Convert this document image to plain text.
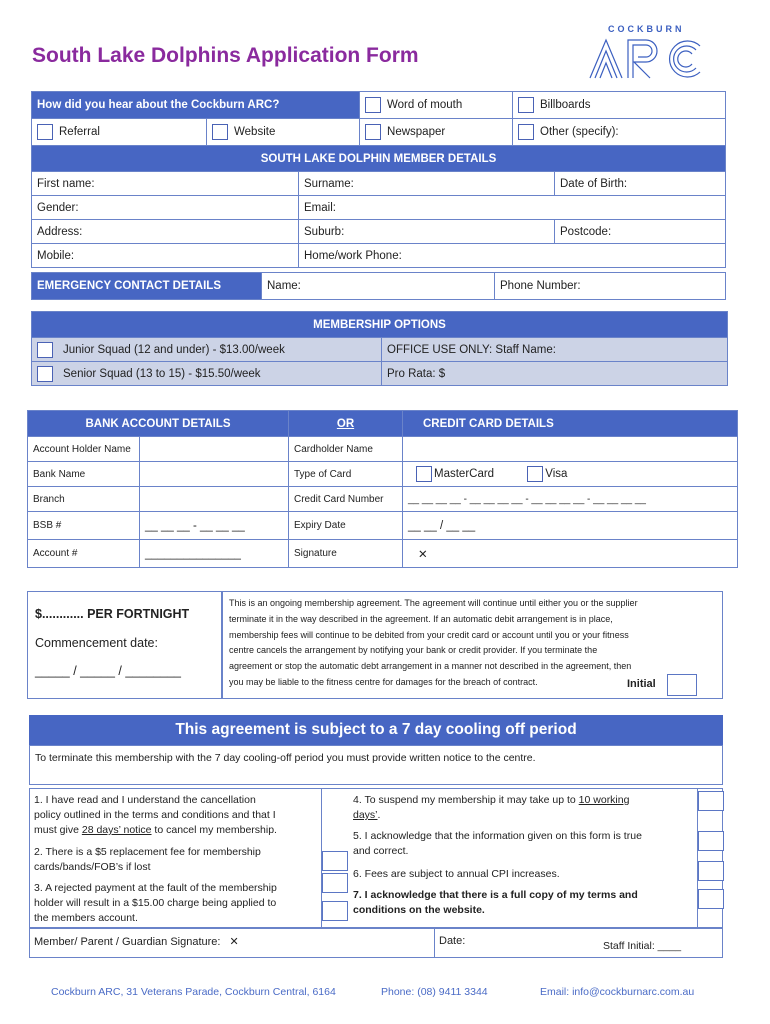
South Lake Dolphins Application Form
COCKBURN
How did you hear about the Cockburn ARC?		Word of mouth	Billboards
Referral	Website	Newspaper	Other (specify):
SOUTH LAKE DOLPHIN MEMBER DETAILS		
First name:	Surname:	Date of Birth:
Gender:	Email:	
Address:	Suburb:	Postcode:
Mobile:	Home/work Phone:	
EMERGENCY CONTACT DETAILS	Name:	Phone Number:
MEMBERSHIP OPTIONS	
Junior Squad (12 and under) - $13.00/week	OFFICE USE ONLY: Staff Name:
Senior Squad (13 to 15) - $15.50/week	Pro Rata: $
BANK ACCOUNT DETAILS		OR	CREDIT CARD DETAILS
Account Holder Name		Cardholder Name	
Bank Name		Type of Card	MasterCard Visa
Branch		Credit Card Number	__ __ __ __ - __ __ __ __ - __ __ __ __ - __ __ __ __
BSB #	__ __ __ - __ __ __	Expiry Date	__ __ / __ __
Account #	_______________	Signature	✕
$............ PER FORTNIGHT
Commencement date:
_____ / _____ / ________
This is an ongoing membership agreement. The agreement will continue until either you or the supplier
terminate it in the way described in the agreement. If an automatic debit arrangement is in place,
membership fees will continue to be debited from your credit card or account until you or your fitness
centre cancels the arrangement by notifying your bank or credit provider. If you terminate the
agreement or stop the automatic debt arrangement in a manner not described in the agreement, then
you may be liable to the fitness centre for damages for the breach of contract.	Initial
This agreement is subject to a 7 day cooling off period
To terminate this membership with the 7 day cooling-off period you must provide written notice to the centre.
1. I have read and I understand the cancellation
policy outlined in the terms and conditions and that I
must give 28 days’ notice to cancel my membership.
2. There is a $5 replacement fee for membership
cards/bands/FOB’s if lost
3. A rejected payment at the fault of the membership
holder will result in a $15.00 charge being applied to
the members account.
4. To suspend my membership it may take up to 10 working
days’.
5. I acknowledge that the information given on this form is true
and correct.
6. Fees are subject to annual CPI increases.
7. I acknowledge that there is a full copy of my terms and
conditions on the website.
Member/ Parent / Guardian Signature: ✕	Date:	Staff Initial: ____
Cockburn ARC, 31 Veterans Parade, Cockburn Central, 6164	Phone: (08) 9411 3344	Email: info@cockburnarc.com.au
